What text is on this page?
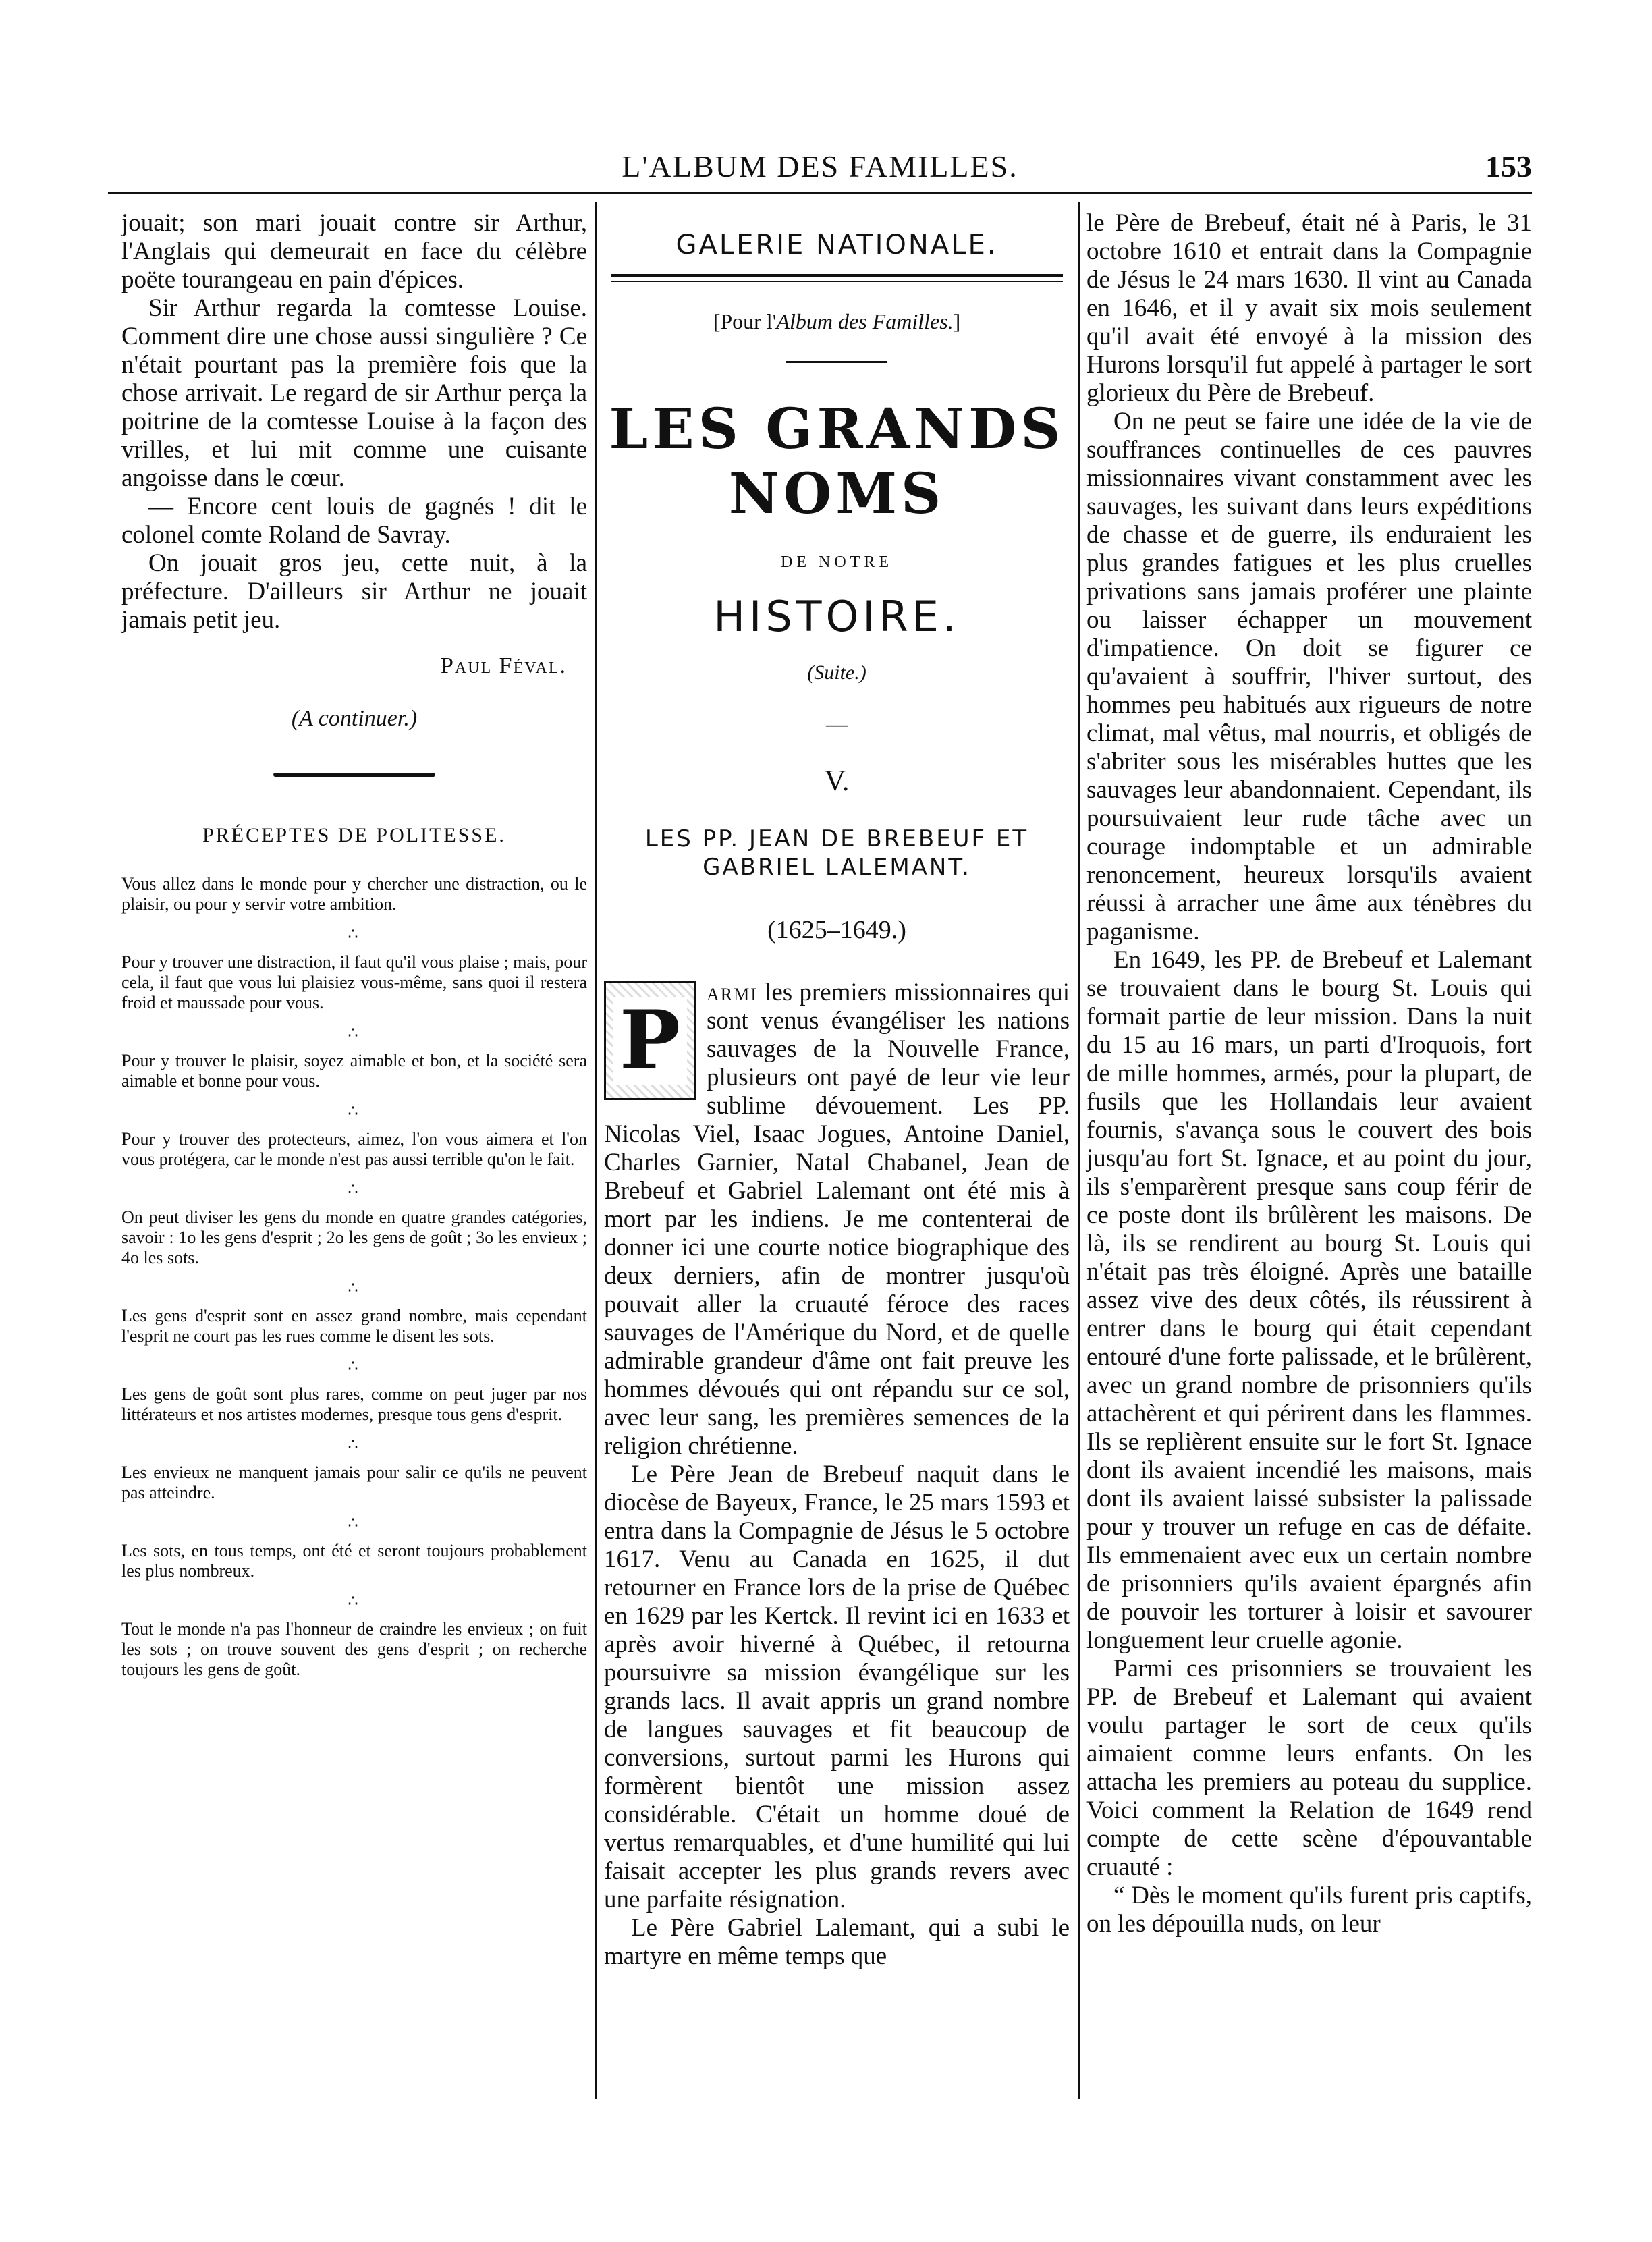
L'ALBUM DES FAMILLES.	153

jouait; son mari jouait contre sir Arthur, l'Anglais qui demeurait en face du célèbre poëte tourangeau en pain d'épices.

Sir Arthur regarda la comtesse Louise. Comment dire une chose aussi singulière ? Ce n'était pourtant pas la première fois que la chose arrivait. Le regard de sir Arthur perça la poitrine de la comtesse Louise à la façon des vrilles, et lui mit comme une cuisante angoisse dans le cœur.

— Encore cent louis de gagnés ! dit le colonel comte Roland de Savray.

On jouait gros jeu, cette nuit, à la préfecture. D'ailleurs sir Arthur ne jouait jamais petit jeu.

Paul Féval.
(A continuer.)
PRÉCEPTES DE POLITESSE.
Vous allez dans le monde pour y chercher une distraction, ou le plaisir, ou pour y servir votre ambition.
∴
Pour y trouver une distraction, il faut qu'il vous plaise ; mais, pour cela, il faut que vous lui plaisiez vous-même, sans quoi il restera froid et maussade pour vous.
∴
Pour y trouver le plaisir, soyez aimable et bon, et la société sera aimable et bonne pour vous.
∴
Pour y trouver des protecteurs, aimez, l'on vous aimera et l'on vous protégera, car le monde n'est pas aussi terrible qu'on le fait.
∴
On peut diviser les gens du monde en quatre grandes catégories, savoir : 1o les gens d'esprit ; 2o les gens de goût ; 3o les envieux ; 4o les sots.
∴
Les gens d'esprit sont en assez grand nombre, mais cependant l'esprit ne court pas les rues comme le disent les sots.
∴
Les gens de goût sont plus rares, comme on peut juger par nos littérateurs et nos artistes modernes, presque tous gens d'esprit.
∴
Les envieux ne manquent jamais pour salir ce qu'ils ne peuvent pas atteindre.
∴
Les sots, en tous temps, ont été et seront toujours probablement les plus nombreux.
∴
Tout le monde n'a pas l'honneur de craindre les envieux ; on fuit les sots ; on trouve souvent des gens d'esprit ; on recherche toujours les gens de goût.
GALERIE NATIONALE.
[Pour l'Album des Familles.]
LES GRANDS NOMS
DE NOTRE
HISTOIRE.
(Suite.)
—
V.
LES PP. JEAN DE BREBEUF ET
GABRIEL LALEMANT.
(1625–1649.)
P

armi les premiers missionnaires qui sont venus évangéliser les nations sauvages de la Nouvelle France, plusieurs ont payé de leur vie leur sublime dévouement. Les PP. Nicolas Viel, Isaac Jogues, Antoine Daniel, Charles Garnier, Natal Chabanel, Jean de Brebeuf et Gabriel Lalemant ont été mis à mort par les indiens. Je me contenterai de donner ici une courte notice biographique des deux derniers, afin de montrer jusqu'où pouvait aller la cruauté féroce des races sauvages de l'Amérique du Nord, et de quelle admirable grandeur d'âme ont fait preuve les hommes dévoués qui ont répandu sur ce sol, avec leur sang, les premières semences de la religion chrétienne.

Le Père Jean de Brebeuf naquit dans le diocèse de Bayeux, France, le 25 mars 1593 et entra dans la Compagnie de Jésus le 5 octobre 1617. Venu au Canada en 1625, il dut retourner en France lors de la prise de Québec en 1629 par les Kertck. Il revint ici en 1633 et après avoir hiverné à Québec, il retourna poursuivre sa mission évangélique sur les grands lacs. Il avait appris un grand nombre de langues sauvages et fit beaucoup de conversions, surtout parmi les Hurons qui formèrent bientôt une mission assez considérable. C'était un homme doué de vertus remarquables, et d'une humilité qui lui faisait accepter les plus grands revers avec une parfaite résignation.

Le Père Gabriel Lalemant, qui a subi le martyre en même temps que

le Père de Brebeuf, était né à Paris, le 31 octobre 1610 et entrait dans la Compagnie de Jésus le 24 mars 1630. Il vint au Canada en 1646, et il y avait six mois seulement qu'il avait été envoyé à la mission des Hurons lorsqu'il fut appelé à partager le sort glorieux du Père de Brebeuf.

On ne peut se faire une idée de la vie de souffrances continuelles de ces pauvres missionnaires vivant constamment avec les sauvages, les suivant dans leurs expéditions de chasse et de guerre, ils enduraient les plus grandes fatigues et les plus cruelles privations sans jamais proférer une plainte ou laisser échapper un mouvement d'impatience. On doit se figurer ce qu'avaient à souffrir, l'hiver surtout, des hommes peu habitués aux rigueurs de notre climat, mal vêtus, mal nourris, et obligés de s'abriter sous les misérables huttes que les sauvages leur abandonnaient. Cependant, ils poursuivaient leur rude tâche avec un courage indomptable et un admirable renoncement, heureux lorsqu'ils avaient réussi à arracher une âme aux ténèbres du paganisme.

En 1649, les PP. de Brebeuf et Lalemant se trouvaient dans le bourg St. Louis qui formait partie de leur mission. Dans la nuit du 15 au 16 mars, un parti d'Iroquois, fort de mille hommes, armés, pour la plupart, de fusils que les Hollandais leur avaient fournis, s'avança sous le couvert des bois jusqu'au fort St. Ignace, et au point du jour, ils s'emparèrent presque sans coup férir de ce poste dont ils brûlèrent les maisons. De là, ils se rendirent au bourg St. Louis qui n'était pas très éloigné. Après une bataille assez vive des deux côtés, ils réussirent à entrer dans le bourg qui était cependant entouré d'une forte palissade, et le brûlèrent, avec un grand nombre de prisonniers qu'ils attachèrent et qui périrent dans les flammes. Ils se replièrent ensuite sur le fort St. Ignace dont ils avaient incendié les maisons, mais dont ils avaient laissé subsister la palissade pour y trouver un refuge en cas de défaite. Ils emmenaient avec eux un certain nombre de prisonniers qu'ils avaient épargnés afin de pouvoir les torturer à loisir et savourer longuement leur cruelle agonie.

Parmi ces prisonniers se trouvaient les PP. de Brebeuf et Lalemant qui avaient voulu partager le sort de ceux qu'ils aimaient comme leurs enfants. On les attacha les premiers au poteau du supplice. Voici comment la Relation de 1649 rend compte de cette scène d'épouvantable cruauté :

“ Dès le moment qu'ils furent pris captifs, on les dépouilla nuds, on leur
